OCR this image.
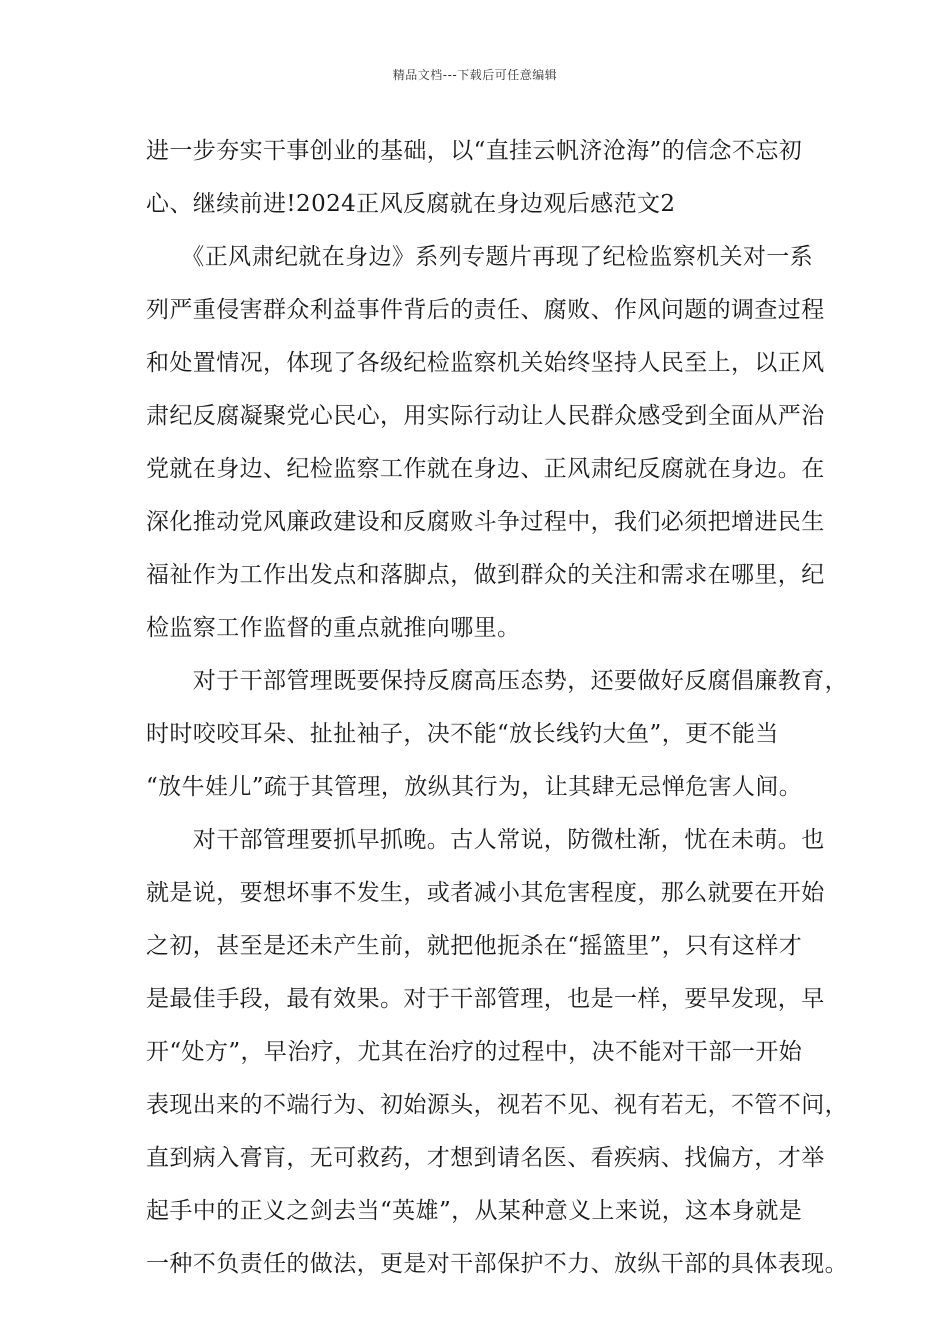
精品文档---下载后可任意编辑
进一步夯实干事创业的基础，以“直挂云帆济沧海”的信念不忘初
心、继续前进!2024正风反腐就在身边观后感范文2
　　《正风肃纪就在身边》系列专题片再现了纪检监察机关对一系
列严重侵害群众利益事件背后的责任、腐败、作风问题的调查过程
和处置情况，体现了各级纪检监察机关始终坚持人民至上，以正风
肃纪反腐凝聚党心民心，用实际行动让人民群众感受到全面从严治
党就在身边、纪检监察工作就在身边、正风肃纪反腐就在身边。在
深化推动党风廉政建设和反腐败斗争过程中，我们必须把增进民生
福祉作为工作出发点和落脚点，做到群众的关注和需求在哪里，纪
检监察工作监督的重点就推向哪里。
　　对于干部管理既要保持反腐高压态势，还要做好反腐倡廉教育，
时时咬咬耳朵、扯扯袖子，决不能“放长线钓大鱼”，更不能当
“放牛娃儿”疏于其管理，放纵其行为，让其肆无忌惮危害人间。
　　对干部管理要抓早抓晚。古人常说，防微杜渐，忧在未萌。也
就是说，要想坏事不发生，或者减小其危害程度，那么就要在开始
之初，甚至是还未产生前，就把他扼杀在“摇篮里”，只有这样才
是最佳手段，最有效果。对于干部管理，也是一样，要早发现，早
开“处方”，早治疗，尤其在治疗的过程中，决不能对干部一开始
表现出来的不端行为、初始源头，视若不见、视有若无，不管不问，
直到病入膏肓，无可救药，才想到请名医、看疾病、找偏方，才举
起手中的正义之剑去当“英雄”，从某种意义上来说，这本身就是
一种不负责任的做法，更是对干部保护不力、放纵干部的具体表现。
